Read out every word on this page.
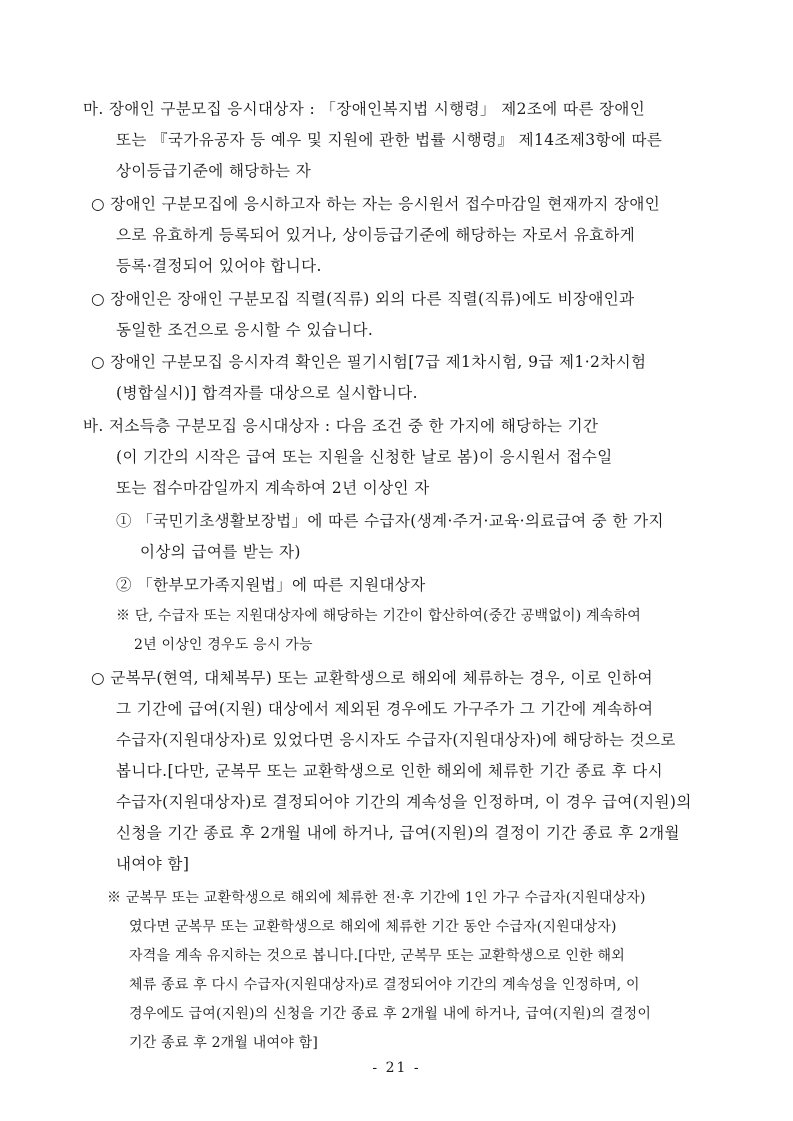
마. 장애인 구분모집 응시대상자 : 「장애인복지법 시행령」 제2조에 따른 장애인

또는 『국가유공자 등 예우 및 지원에 관한 법률 시행령』 제14조제3항에 따른

상이등급기준에 해당하는 자

○ 장애인 구분모집에 응시하고자 하는 자는 응시원서 접수마감일 현재까지 장애인

으로 유효하게 등록되어 있거나, 상이등급기준에 해당하는 자로서 유효하게

등록·결정되어 있어야 합니다.

○ 장애인은 장애인 구분모집 직렬(직류) 외의 다른 직렬(직류)에도 비장애인과

동일한 조건으로 응시할 수 있습니다.

○ 장애인 구분모집 응시자격 확인은 필기시험[7급 제1차시험, 9급 제1·2차시험

(병합실시)] 합격자를 대상으로 실시합니다.

바. 저소득층 구분모집 응시대상자 : 다음 조건 중 한 가지에 해당하는 기간

(이 기간의 시작은 급여 또는 지원을 신청한 날로 봄)이 응시원서 접수일

또는 접수마감일까지 계속하여 2년 이상인 자

① 「국민기초생활보장법」에 따른 수급자(생계·주거·교육·의료급여 중 한 가지

이상의 급여를 받는 자)

② 「한부모가족지원법」에 따른 지원대상자

※ 단, 수급자 또는 지원대상자에 해당하는 기간이 합산하여(중간 공백없이) 계속하여

2년 이상인 경우도 응시 가능

○ 군복무(현역, 대체복무) 또는 교환학생으로 해외에 체류하는 경우, 이로 인하여

그 기간에 급여(지원) 대상에서 제외된 경우에도 가구주가 그 기간에 계속하여

수급자(지원대상자)로 있었다면 응시자도 수급자(지원대상자)에 해당하는 것으로

봅니다.[다만, 군복무 또는 교환학생으로 인한 해외에 체류한 기간 종료 후 다시

수급자(지원대상자)로 결정되어야 기간의 계속성을 인정하며, 이 경우 급여(지원)의

신청을 기간 종료 후 2개월 내에 하거나, 급여(지원)의 결정이 기간 종료 후 2개월

내여야 함]

※ 군복무 또는 교환학생으로 해외에 체류한 전·후 기간에 1인 가구 수급자(지원대상자)

였다면 군복무 또는 교환학생으로 해외에 체류한 기간 동안 수급자(지원대상자)

자격을 계속 유지하는 것으로 봅니다.[다만, 군복무 또는 교환학생으로 인한 해외

체류 종료 후 다시 수급자(지원대상자)로 결정되어야 기간의 계속성을 인정하며, 이

경우에도 급여(지원)의 신청을 기간 종료 후 2개월 내에 하거나, 급여(지원)의 결정이

기간 종료 후 2개월 내여야 함]

- 21 -
